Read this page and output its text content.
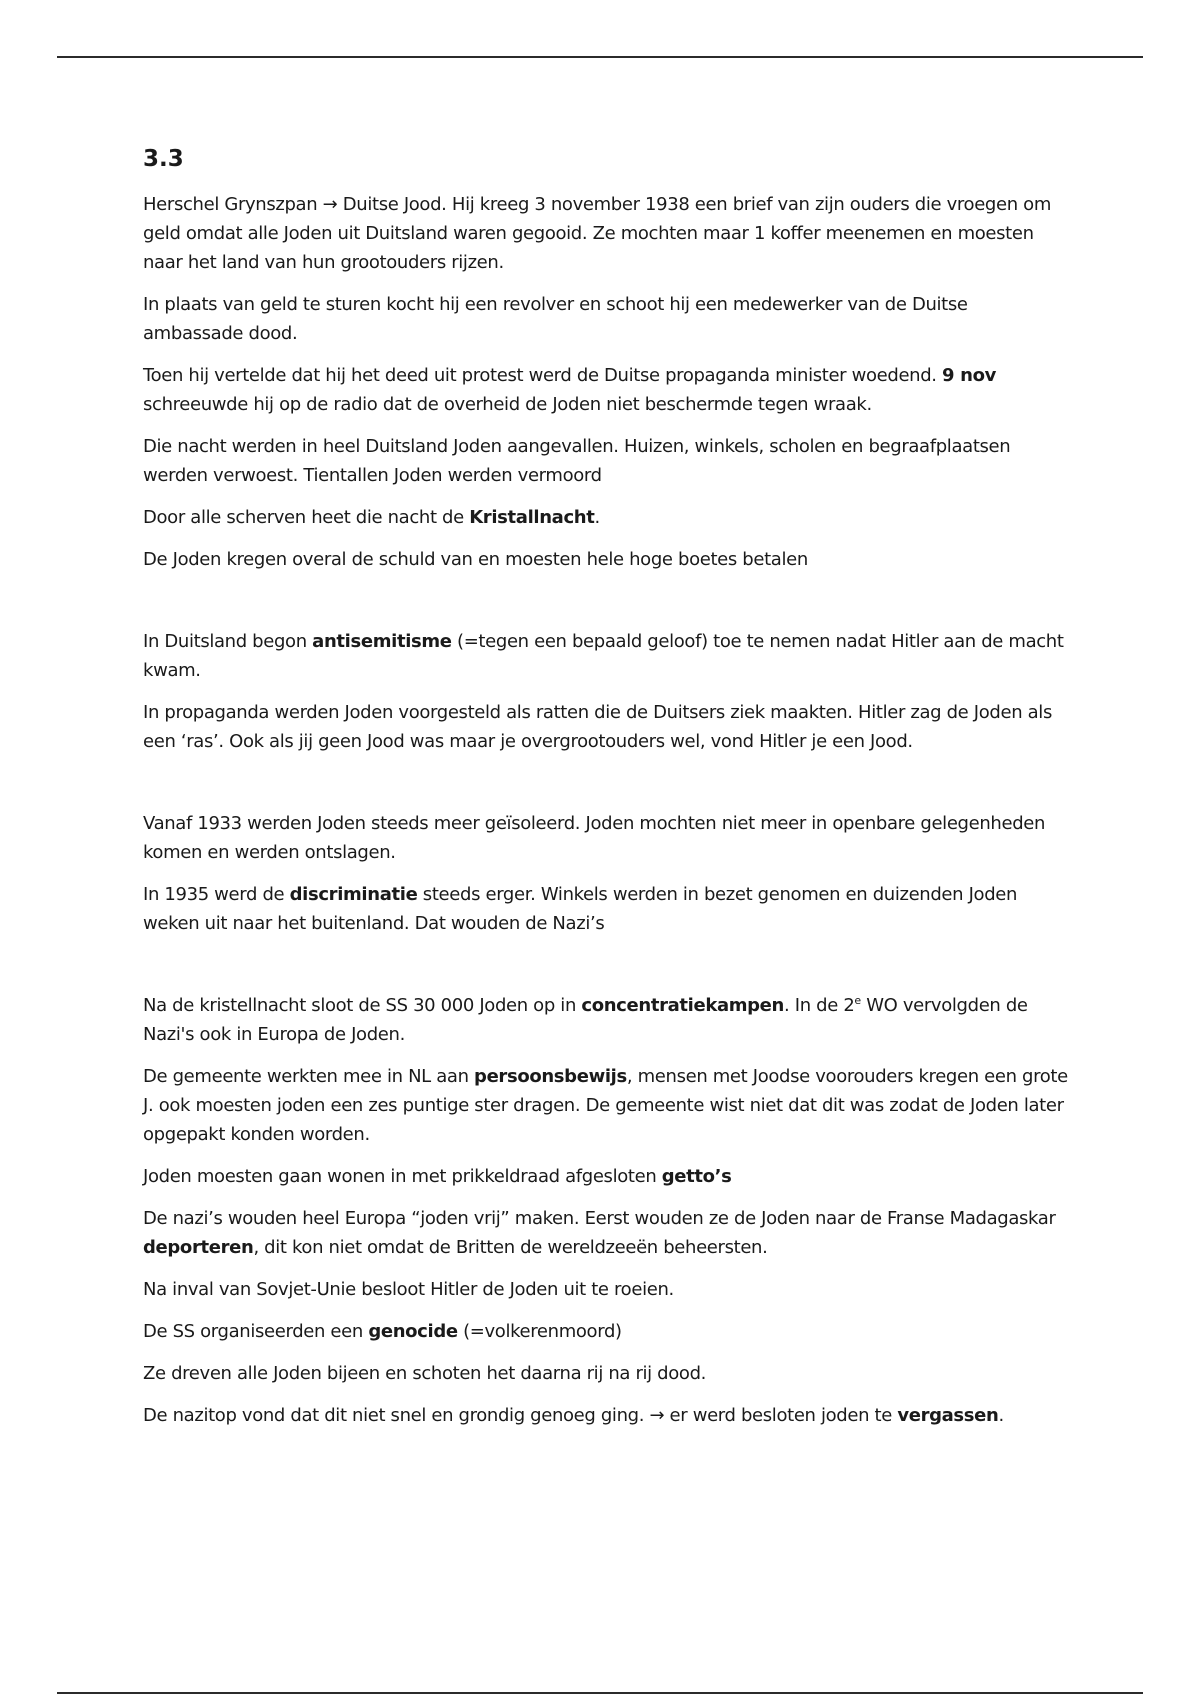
3.3

Herschel Grynszpan → Duitse Jood. Hij kreeg 3 november 1938 een brief van zijn ouders die vroegen om geld omdat alle Joden uit Duitsland waren gegooid. Ze mochten maar 1 koffer meenemen en moesten naar het land van hun grootouders rijzen.

In plaats van geld te sturen kocht hij een revolver en schoot hij een medewerker van de Duitse ambassade dood.

Toen hij vertelde dat hij het deed uit protest werd de Duitse propaganda minister woedend. 9 nov schreeuwde hij op de radio dat de overheid de Joden niet beschermde tegen wraak.

Die nacht werden in heel Duitsland Joden aangevallen. Huizen, winkels, scholen en begraafplaatsen werden verwoest. Tientallen Joden werden vermoord

Door alle scherven heet die nacht de Kristallnacht.

De Joden kregen overal de schuld van en moesten hele hoge boetes betalen

In Duitsland begon antisemitisme (=tegen een bepaald geloof) toe te nemen nadat Hitler aan de macht kwam.

In propaganda werden Joden voorgesteld als ratten die de Duitsers ziek maakten. Hitler zag de Joden als een ‘ras’. Ook als jij geen Jood was maar je overgrootouders wel, vond Hitler je een Jood.

Vanaf 1933 werden Joden steeds meer geïsoleerd. Joden mochten niet meer in openbare gelegenheden komen en werden ontslagen.

In 1935 werd de discriminatie steeds erger. Winkels werden in bezet genomen en duizenden Joden weken uit naar het buitenland. Dat wouden de Nazi’s

Na de kristellnacht sloot de SS 30 000 Joden op in concentratiekampen. In de 2e WO vervolgden de Nazi's ook in Europa de Joden.

De gemeente werkten mee in NL aan persoonsbewijs, mensen met Joodse voorouders kregen een grote J. ook moesten joden een zes puntige ster dragen. De gemeente wist niet dat dit was zodat de Joden later opgepakt konden worden.

Joden moesten gaan wonen in met prikkeldraad afgesloten getto’s

De nazi’s wouden heel Europa “joden vrij” maken. Eerst wouden ze de Joden naar de Franse Madagaskar deporteren, dit kon niet omdat de Britten de wereldzeeën beheersten.

Na inval van Sovjet-Unie besloot Hitler de Joden uit te roeien.

De SS organiseerden een genocide (=volkerenmoord)

Ze dreven alle Joden bijeen en schoten het daarna rij na rij dood.

De nazitop vond dat dit niet snel en grondig genoeg ging. → er werd besloten joden te vergassen.
